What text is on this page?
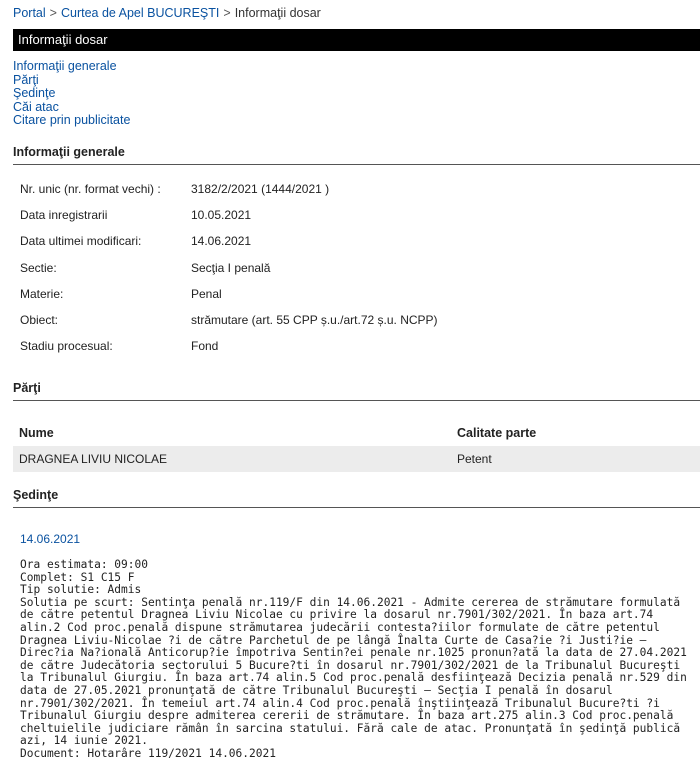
Portal > Curtea de Apel BUCUREŞTI > Informaţii dosar
Informaţii dosar
Informaţii generale
Părţi
Şedinţe
Căi atac
Citare prin publicitate
Informaţii generale
Nr. unic (nr. format vechi) :	3182/2/2021 (1444/2021 )
Data inregistrarii	10.05.2021
Data ultimei modificari:	14.06.2021
Sectie:	Secţia I penală
Materie:	Penal
Obiect:	strămutare (art. 55 CPP ș.u./art.72 ș.u. NCPP)
Stadiu procesual:	Fond
Părţi
Nume	Calitate parte
DRAGNEA LIVIU NICOLAE	Petent
Şedinţe
14.06.2021
Ora estimata: 09:00
Complet: S1 C15 F
Tip solutie: Admis
Solutia pe scurt: Sentinţa penală nr.119/F din 14.06.2021 - Admite cererea de strămutare formulată de către petentul Dragnea Liviu Nicolae cu privire la dosarul nr.7901/302/2021. În baza art.74 alin.2 Cod proc.penală dispune strămutarea judecării contesta?iilor formulate de către petentul Dragnea Liviu-Nicolae ?i de către Parchetul de pe lângă Înalta Curte de Casa?ie ?i Justi?ie – Direc?ia Na?ională Anticorup?ie împotriva Sentin?ei penale nr.1025 pronun?ată la data de 27.04.2021 de către Judecătoria sectorului 5 Bucure?ti în dosarul nr.7901/302/2021 de la Tribunalul Bucureşti la Tribunalul Giurgiu. În baza art.74 alin.5 Cod proc.penală desfiinţează Decizia penală nr.529 din data de 27.05.2021 pronunţată de către Tribunalul Bucureşti – Secţia I penală în dosarul nr.7901/302/2021. În temeiul art.74 alin.4 Cod proc.penală înştiinţează Tribunalul Bucure?ti ?i Tribunalul Giurgiu despre admiterea cererii de strămutare. În baza art.275 alin.3 Cod proc.penală cheltuielile judiciare rămân în sarcina statului. Fără cale de atac. Pronunţată în şedinţă publică azi, 14 iunie 2021.
Document: Hotarâre 119/2021 14.06.2021
